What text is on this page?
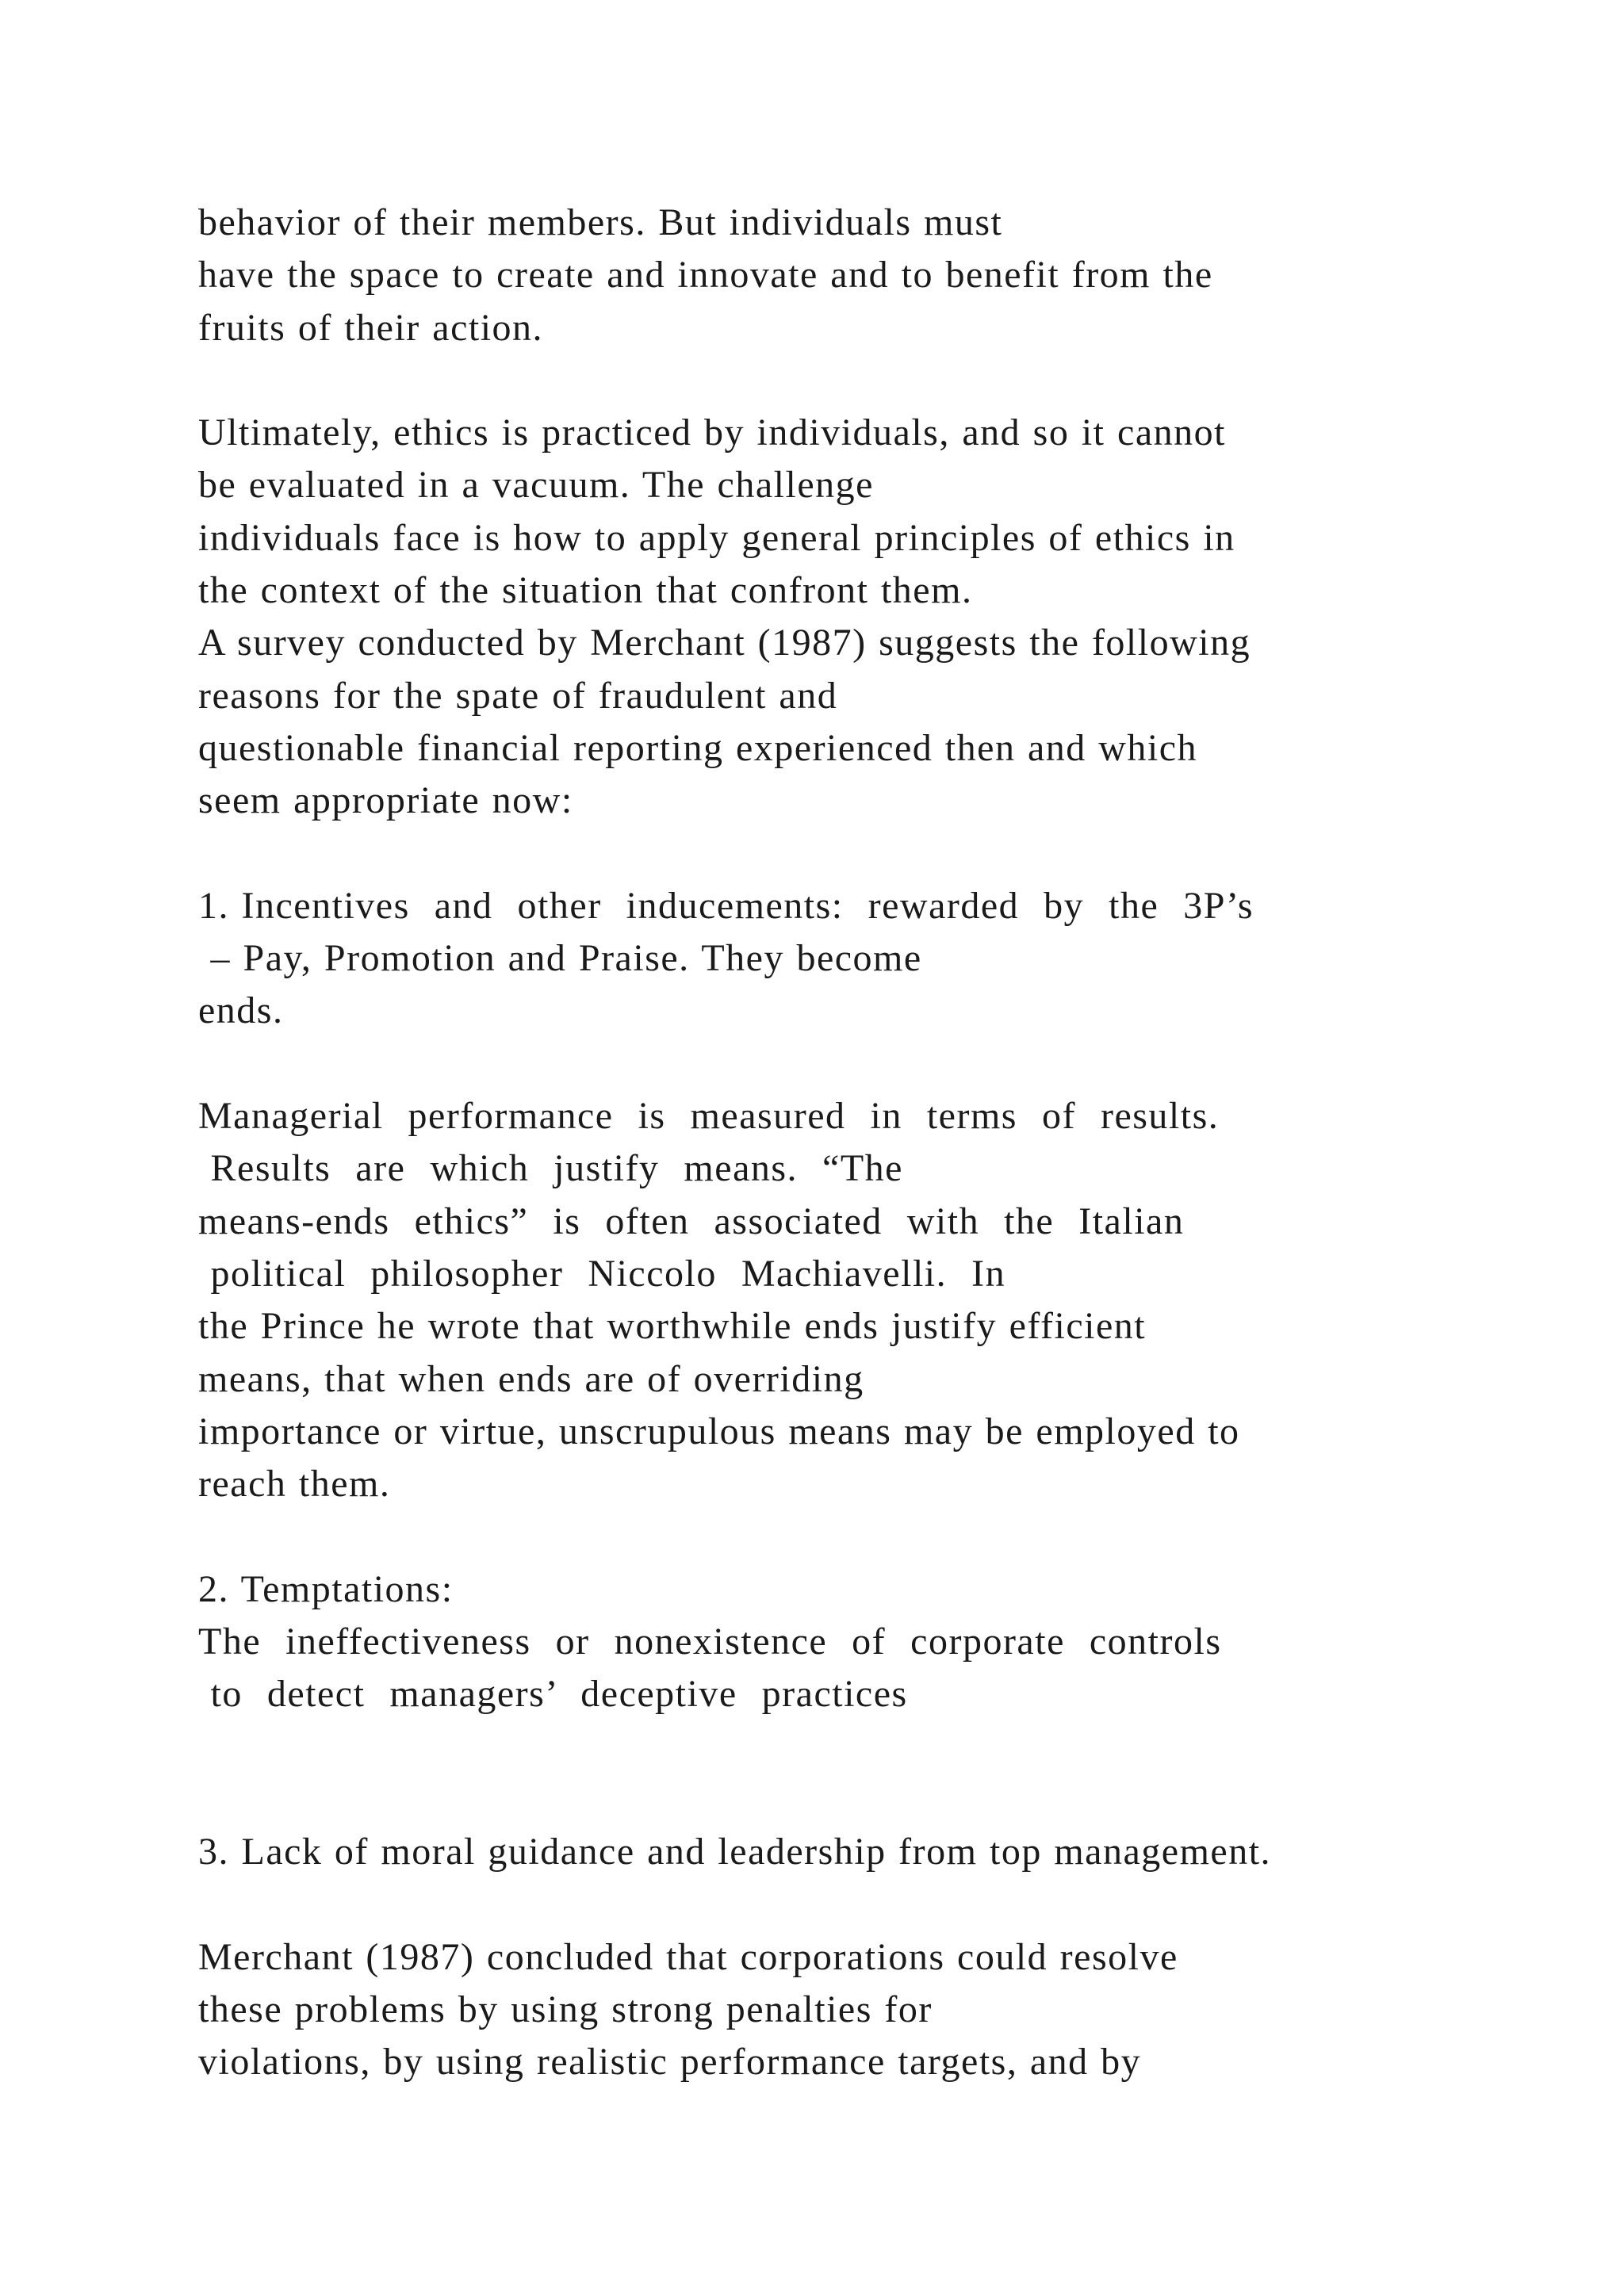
behavior of their members. But individuals must
have the space to create and innovate and to benefit from the
fruits of their action.
Ultimately, ethics is practiced by individuals, and so it cannot
be evaluated in a vacuum. The challenge
individuals face is how to apply general principles of ethics in
the context of the situation that confront them.
A survey conducted by Merchant (1987) suggests the following
reasons for the spate of fraudulent and
questionable financial reporting experienced then and which
seem appropriate now:
1. Incentives  and  other  inducements:  rewarded  by  the  3P’s
– Pay, Promotion and Praise. They become
ends.
Managerial  performance  is  measured  in  terms  of  results.
Results  are  which  justify  means.  “The
means-ends  ethics”  is  often  associated  with  the  Italian
political  philosopher  Niccolo  Machiavelli.  In
the Prince he wrote that worthwhile ends justify efficient
means, that when ends are of overriding
importance or virtue, unscrupulous means may be employed to
reach them.
2. Temptations:
The  ineffectiveness  or  nonexistence  of  corporate  controls
to  detect  managers’  deceptive  practices
3. Lack of moral guidance and leadership from top management.
Merchant (1987) concluded that corporations could resolve
these problems by using strong penalties for
violations, by using realistic performance targets, and by
